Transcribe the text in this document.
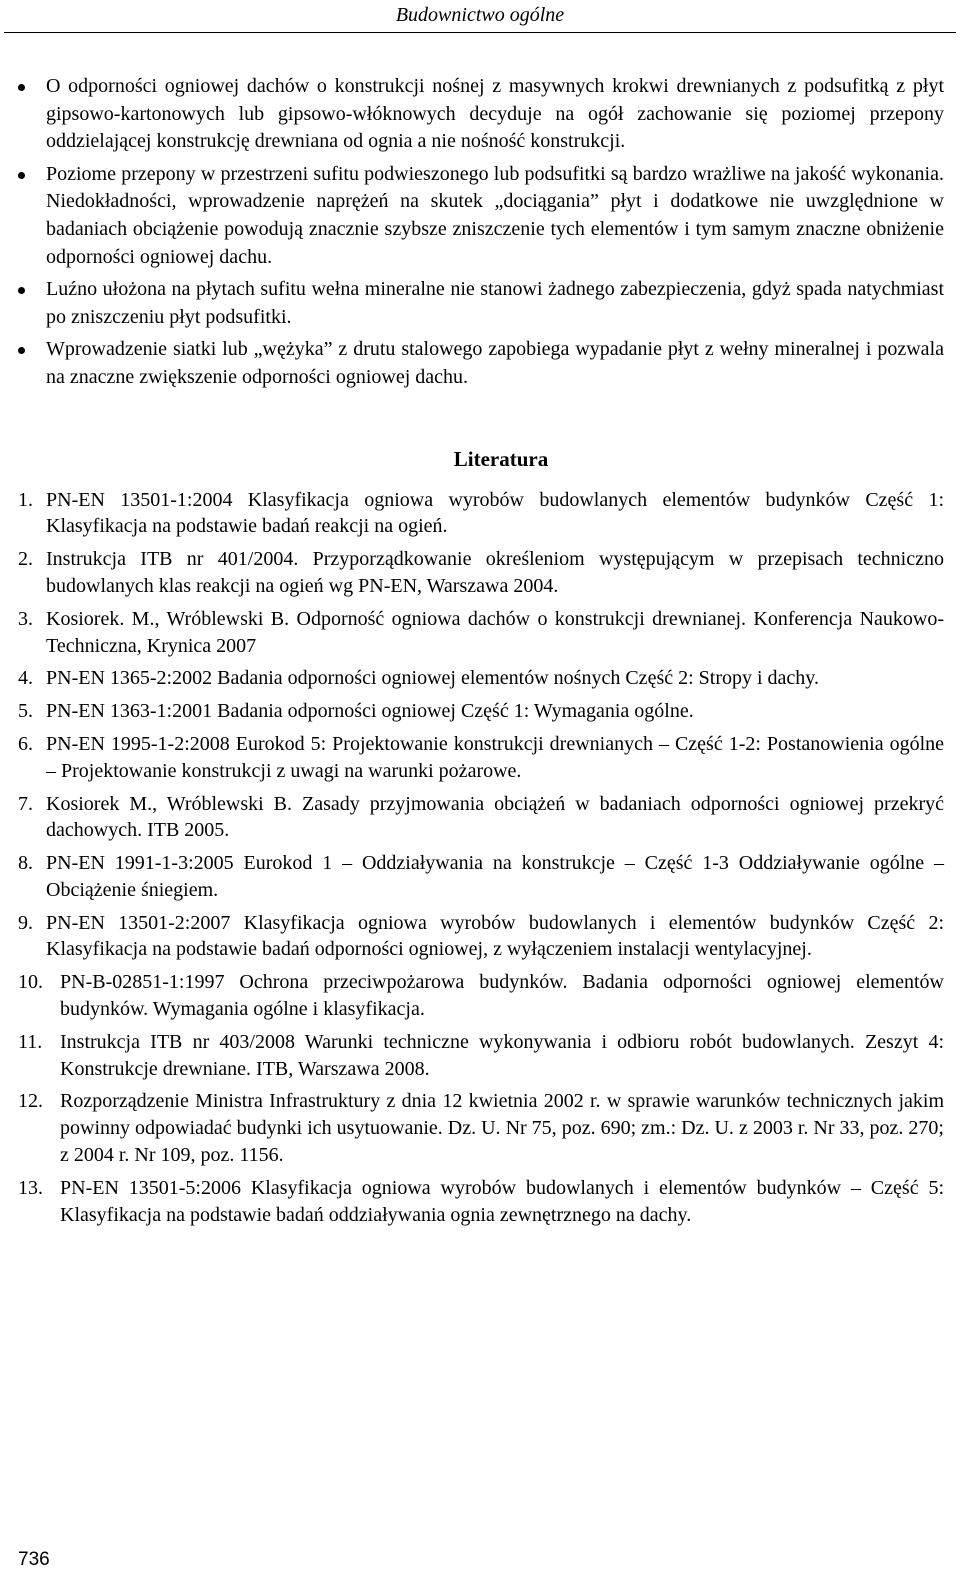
Budownictwo ogólne
O odporności ogniowej dachów o konstrukcji nośnej z masywnych krokwi drewnianych z podsufitką z płyt gipsowo-kartonowych lub gipsowo-włóknowych decyduje na ogół zachowanie się poziomej przepony oddzielającej konstrukcję drewniana od ognia a nie nośność konstrukcji.
Poziome przepony w przestrzeni sufitu podwieszonego lub podsufitki są bardzo wrażliwe na jakość wykonania. Niedokładności, wprowadzenie naprężeń na skutek „dociągania” płyt i dodatkowe nie uwzględnione w badaniach obciążenie powodują znacznie szybsze zniszczenie tych elementów i tym samym znaczne obniżenie odporności ogniowej dachu.
Luźno ułożona na płytach sufitu wełna mineralne nie stanowi żadnego zabezpieczenia, gdyż spada natychmiast po zniszczeniu płyt podsufitki.
Wprowadzenie siatki lub „wężyka” z drutu stalowego zapobiega wypadanie płyt z wełny mineralnej i pozwala na znaczne zwiększenie odporności ogniowej dachu.
Literatura
1. PN-EN 13501-1:2004 Klasyfikacja ogniowa wyrobów budowlanych elementów budynków Część 1: Klasyfikacja na podstawie badań reakcji na ogień.
2. Instrukcja ITB nr 401/2004. Przyporządkowanie określeniom występującym w przepisach techniczno budowlanych klas reakcji na ogień wg PN-EN, Warszawa 2004.
3. Kosiorek. M., Wróblewski B. Odporność ogniowa dachów o konstrukcji drewnianej. Konferencja Naukowo-Techniczna, Krynica 2007
4. PN-EN 1365-2:2002 Badania odporności ogniowej elementów nośnych Część 2: Stropy i dachy.
5. PN-EN 1363-1:2001 Badania odporności ogniowej Część 1: Wymagania ogólne.
6. PN-EN 1995-1-2:2008 Eurokod 5: Projektowanie konstrukcji drewnianych – Część 1-2: Postanowienia ogólne – Projektowanie konstrukcji z uwagi na warunki pożarowe.
7. Kosiorek M., Wróblewski B. Zasady przyjmowania obciążeń w badaniach odporności ogniowej przekryć dachowych. ITB 2005.
8. PN-EN 1991-1-3:2005 Eurokod 1 – Oddziaływania na konstrukcje – Część 1-3 Oddziaływanie ogólne – Obciążenie śniegiem.
9. PN-EN 13501-2:2007 Klasyfikacja ogniowa wyrobów budowlanych i elementów budynków Część 2: Klasyfikacja na podstawie badań odporności ogniowej, z wyłączeniem instalacji wentylacyjnej.
10. PN-B-02851-1:1997 Ochrona przeciwpożarowa budynków. Badania odporności ogniowej elementów budynków. Wymagania ogólne i klasyfikacja.
11. Instrukcja ITB nr 403/2008 Warunki techniczne wykonywania i odbioru robót budowlanych. Zeszyt 4: Konstrukcje drewniane. ITB, Warszawa 2008.
12. Rozporządzenie Ministra Infrastruktury z dnia 12 kwietnia 2002 r. w sprawie warunków technicznych jakim powinny odpowiadać budynki ich usytuowanie. Dz. U. Nr 75, poz. 690; zm.: Dz. U. z 2003 r. Nr 33, poz. 270; z 2004 r. Nr 109, poz. 1156.
13. PN-EN 13501-5:2006 Klasyfikacja ogniowa wyrobów budowlanych i elementów budynków – Część 5: Klasyfikacja na podstawie badań oddziaływania ognia zewnętrznego na dachy.
736
